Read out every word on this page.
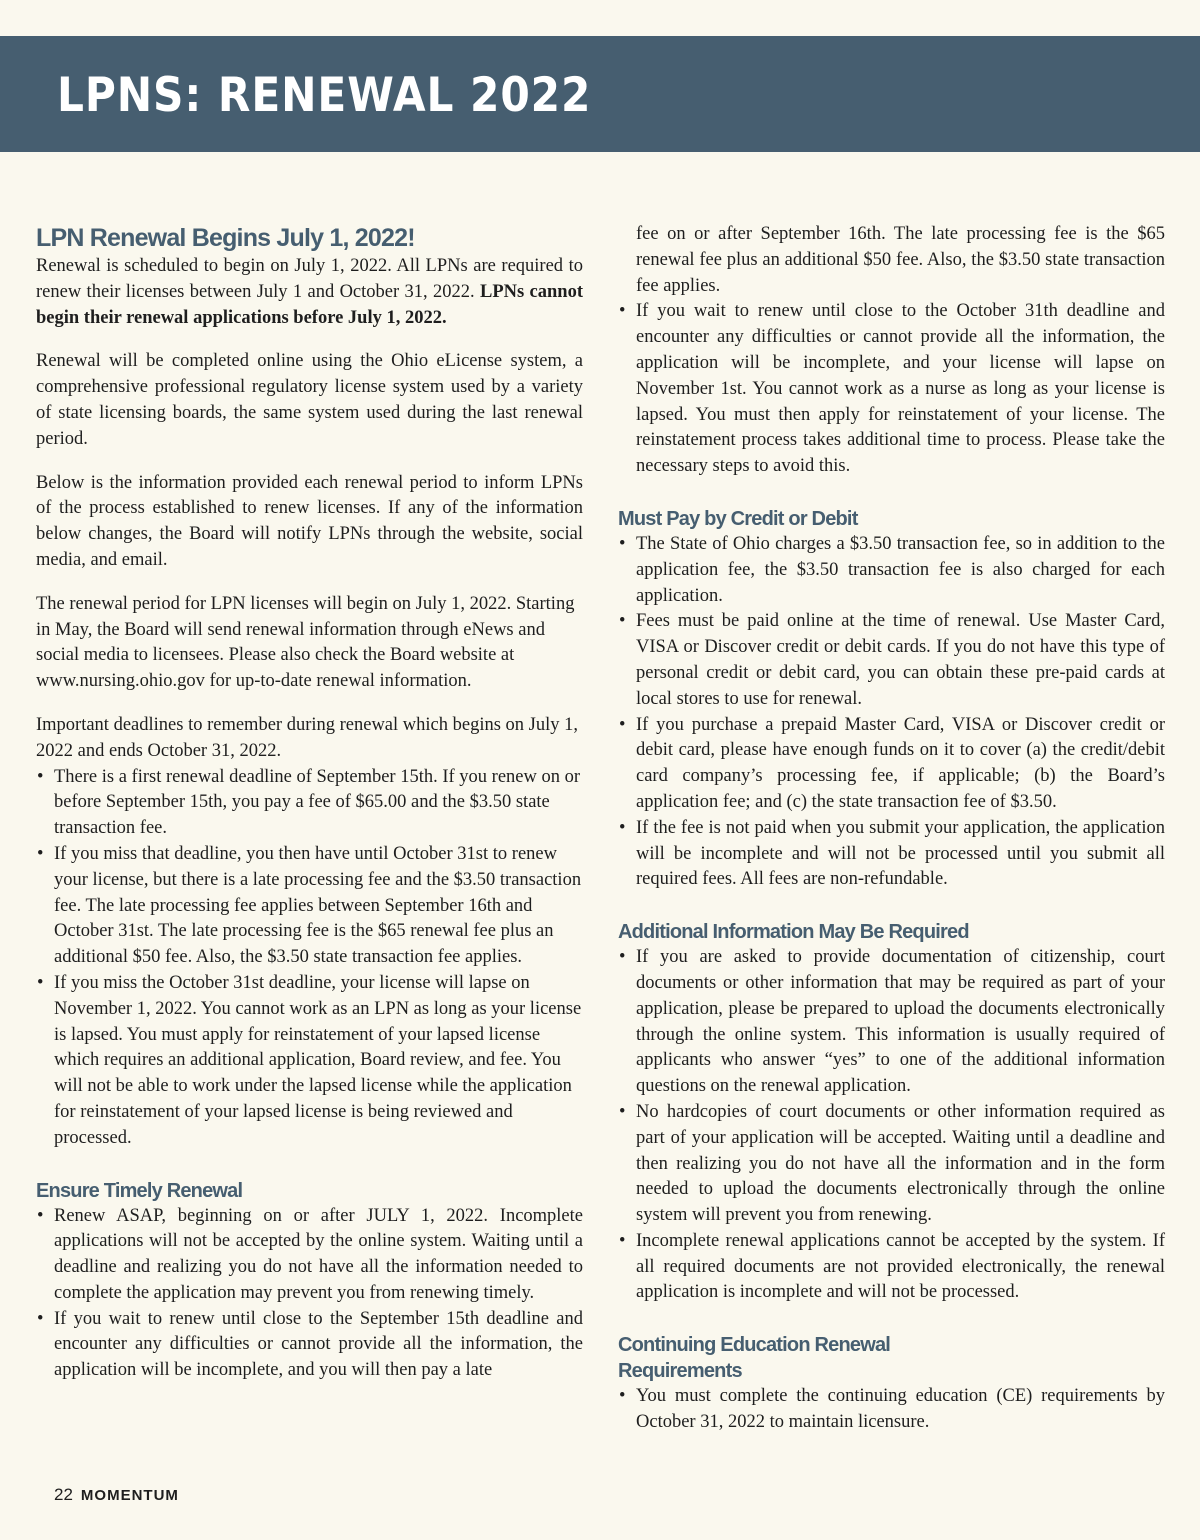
LPNS: RENEWAL 2022
LPN Renewal Begins July 1, 2022!

Renewal is scheduled to begin on July 1, 2022. All LPNs are required to renew their licenses between July 1 and October 31, 2022. LPNs cannot begin their renewal applications before July 1, 2022.

Renewal will be completed online using the Ohio eLicense system, a comprehensive professional regulatory license system used by a variety of state licensing boards, the same system used during the last renewal period.

Below is the information provided each renewal period to inform LPNs of the process established to renew licenses. If any of the information below changes, the Board will notify LPNs through the website, social media, and email.

The renewal period for LPN licenses will begin on July 1, 2022. Starting in May, the Board will send renewal information through eNews and social media to licensees. Please also check the Board website at www.nursing.ohio.gov for up-to-date renewal information.

Important deadlines to remember during renewal which begins on July 1, 2022 and ends October 31, 2022.

• There is a first renewal deadline of September 15th. If you renew on or before September 15th, you pay a fee of $65.00 and the $3.50 state transaction fee.
• If you miss that deadline, you then have until October 31st to renew your license, but there is a late processing fee and the $3.50 transaction fee. The late processing fee applies between September 16th and October 31st. The late processing fee is the $65 renewal fee plus an additional $50 fee. Also, the $3.50 state transaction fee applies.
• If you miss the October 31st deadline, your license will lapse on November 1, 2022. You cannot work as an LPN as long as your license is lapsed. You must apply for reinstatement of your lapsed license which requires an additional application, Board review, and fee. You will not be able to work under the lapsed license while the application for reinstatement of your lapsed license is being reviewed and processed.
Ensure Timely Renewal
• Renew ASAP, beginning on or after JULY 1, 2022. Incomplete applications will not be accepted by the online system. Waiting until a deadline and realizing you do not have all the information needed to complete the application may prevent you from renewing timely.
• If you wait to renew until close to the September 15th deadline and encounter any difficulties or cannot provide all the information, the application will be incomplete, and you will then pay a late

fee on or after September 16th. The late processing fee is the $65 renewal fee plus an additional $50 fee. Also, the $3.50 state transaction fee applies.

• If you wait to renew until close to the October 31th deadline and encounter any difficulties or cannot provide all the information, the application will be incomplete, and your license will lapse on November 1st. You cannot work as a nurse as long as your license is lapsed. You must then apply for reinstatement of your license. The reinstatement process takes additional time to process. Please take the necessary steps to avoid this.
Must Pay by Credit or Debit
• The State of Ohio charges a $3.50 transaction fee, so in addition to the application fee, the $3.50 transaction fee is also charged for each application.
• Fees must be paid online at the time of renewal. Use Master Card, VISA or Discover credit or debit cards. If you do not have this type of personal credit or debit card, you can obtain these pre-paid cards at local stores to use for renewal.
• If you purchase a prepaid Master Card, VISA or Discover credit or debit card, please have enough funds on it to cover (a) the credit/debit card company’s processing fee, if applicable; (b) the Board’s application fee; and (c) the state transaction fee of $3.50.
• If the fee is not paid when you submit your application, the application will be incomplete and will not be processed until you submit all required fees. All fees are non-refundable.
Additional Information May Be Required
• If you are asked to provide documentation of citizenship, court documents or other information that may be required as part of your application, please be prepared to upload the documents electronically through the online system. This information is usually required of applicants who answer “yes” to one of the additional information questions on the renewal application.
• No hardcopies of court documents or other information required as part of your application will be accepted. Waiting until a deadline and then realizing you do not have all the information and in the form needed to upload the documents electronically through the online system will prevent you from renewing.
• Incomplete renewal applications cannot be accepted by the system. If all required documents are not provided electronically, the renewal application is incomplete and will not be processed.
Continuing Education Renewal
Requirements
• You must complete the continuing education (CE) requirements by October 31, 2022 to maintain licensure.
22 MOMENTUM
